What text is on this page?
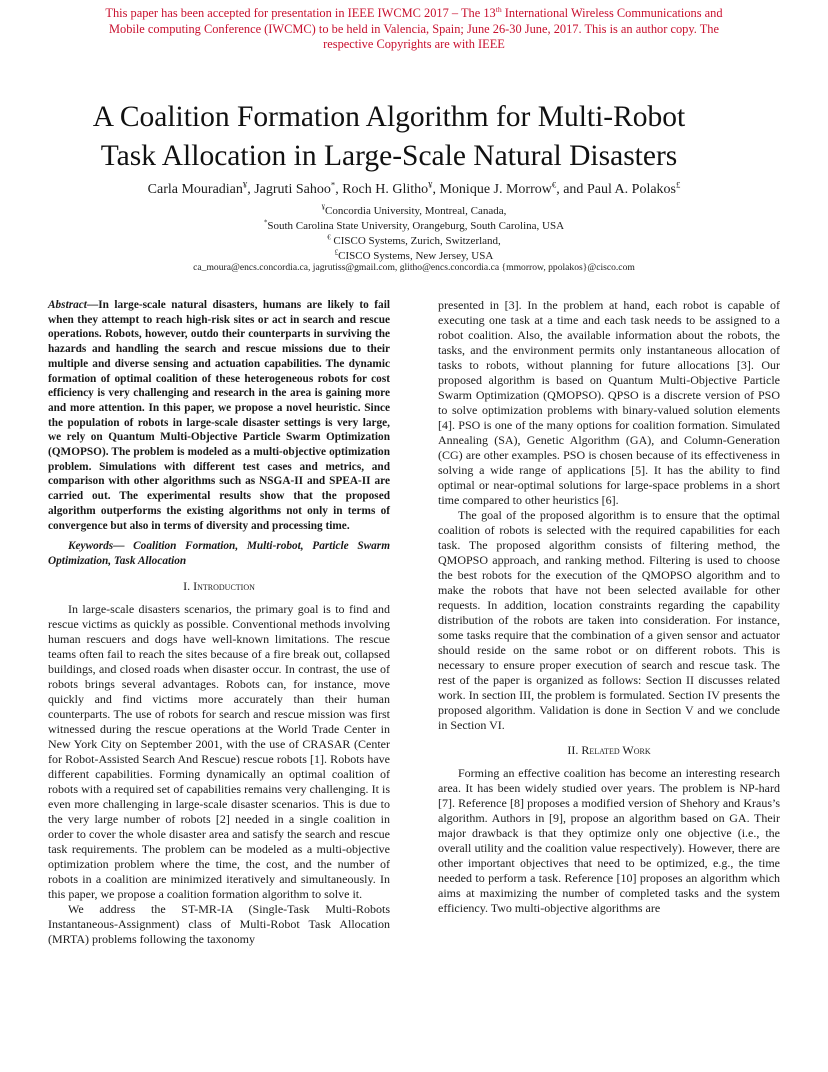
This paper has been accepted for presentation in IEEE IWCMC 2017 – The 13th International Wireless Communications and
Mobile computing Conference (IWCMC) to be held in Valencia, Spain; June 26-30 June, 2017. This is an author copy. The
respective Copyrights are with IEEE
A Coalition Formation Algorithm for Multi-Robot
Task Allocation in Large-Scale Natural Disasters
Carla Mouradian¥, Jagruti Sahoo*, Roch H. Glitho¥, Monique J. Morrow€, and Paul A. Polakos£
¥Concordia University, Montreal, Canada,
*South Carolina State University, Orangeburg, South Carolina, USA
€ CISCO Systems, Zurich, Switzerland,
£CISCO Systems, New Jersey, USA
ca_moura@encs.concordia.ca, jagrutiss@gmail.com, glitho@encs.concordia.ca {mmorrow, ppolakos}@cisco.com

Abstract—In large-scale natural disasters, humans are likely to fail when they attempt to reach high-risk sites or act in search and rescue operations. Robots, however, outdo their counterparts in surviving the hazards and handling the search and rescue missions due to their multiple and diverse sensing and actuation capabilities. The dynamic formation of optimal coalition of these heterogeneous robots for cost efficiency is very challenging and research in the area is gaining more and more attention. In this paper, we propose a novel heuristic. Since the population of robots in large-scale disaster settings is very large, we rely on Quantum Multi-Objective Particle Swarm Optimization (QMOPSO). The problem is modeled as a multi-objective optimization problem. Simulations with different test cases and metrics, and comparison with other algorithms such as NSGA-II and SPEA-II are carried out. The experimental results show that the proposed algorithm outperforms the existing algorithms not only in terms of convergence but also in terms of diversity and processing time.

Keywords— Coalition Formation, Multi-robot, Particle Swarm Optimization, Task Allocation

I. Introduction

In large-scale disasters scenarios, the primary goal is to find and rescue victims as quickly as possible. Conventional methods involving human rescuers and dogs have well-known limitations. The rescue teams often fail to reach the sites because of a fire break out, collapsed buildings, and closed roads when disaster occur. In contrast, the use of robots brings several advantages. Robots can, for instance, move quickly and find victims more accurately than their human counterparts. The use of robots for search and rescue mission was first witnessed during the rescue operations at the World Trade Center in New York City on September 2001, with the use of CRASAR (Center for Robot-Assisted Search And Rescue) rescue robots [1]. Robots have different capabilities. Forming dynamically an optimal coalition of robots with a required set of capabilities remains very challenging. It is even more challenging in large-scale disaster scenarios. This is due to the very large number of robots [2] needed in a single coalition in order to cover the whole disaster area and satisfy the search and rescue task requirements. The problem can be modeled as a multi-objective optimization problem where the time, the cost, and the number of robots in a coalition are minimized iteratively and simultaneously. In this paper, we propose a coalition formation algorithm to solve it.

We address the ST-MR-IA (Single-Task Multi-Robots Instantaneous-Assignment) class of Multi-Robot Task Allocation (MRTA) problems following the taxonomy

presented in [3]. In the problem at hand, each robot is capable of executing one task at a time and each task needs to be assigned to a robot coalition. Also, the available information about the robots, the tasks, and the environment permits only instantaneous allocation of tasks to robots, without planning for future allocations [3]. Our proposed algorithm is based on Quantum Multi-Objective Particle Swarm Optimization (QMOPSO). QPSO is a discrete version of PSO to solve optimization problems with binary-valued solution elements [4]. PSO is one of the many options for coalition formation. Simulated Annealing (SA), Genetic Algorithm (GA), and Column-Generation (CG) are other examples. PSO is chosen because of its effectiveness in solving a wide range of applications [5]. It has the ability to find optimal or near-optimal solutions for large-space problems in a short time compared to other heuristics [6].

The goal of the proposed algorithm is to ensure that the optimal coalition of robots is selected with the required capabilities for each task. The proposed algorithm consists of filtering method, the QMOPSO approach, and ranking method. Filtering is used to choose the best robots for the execution of the QMOPSO algorithm and to make the robots that have not been selected available for other requests. In addition, location constraints regarding the capability distribution of the robots are taken into consideration. For instance, some tasks require that the combination of a given sensor and actuator should reside on the same robot or on different robots. This is necessary to ensure proper execution of search and rescue task. The rest of the paper is organized as follows: Section II discusses related work. In section III, the problem is formulated. Section IV presents the proposed algorithm. Validation is done in Section V and we conclude in Section VI.

II. Related Work

Forming an effective coalition has become an interesting research area. It has been widely studied over years. The problem is NP-hard [7]. Reference [8] proposes a modified version of Shehory and Kraus’s algorithm. Authors in [9], propose an algorithm based on GA. Their major drawback is that they optimize only one objective (i.e., the overall utility and the coalition value respectively). However, there are other important objectives that need to be optimized, e.g., the time needed to perform a task. Reference [10] proposes an algorithm which aims at maximizing the number of completed tasks and the system efficiency. Two multi-objective algorithms are
